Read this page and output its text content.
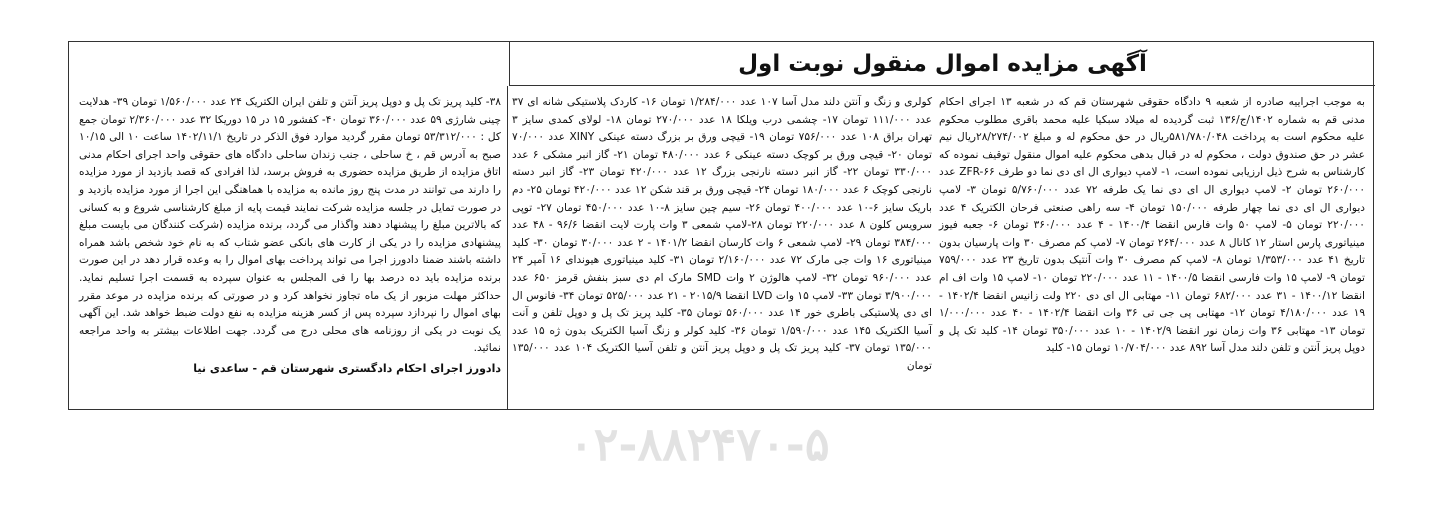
آگهی مزایده اموال منقول نوبت اول

به موجب اجراییه صادره از شعبه ۹ دادگاه حقوقی شهرستان قم که در شعبه ۱۳ اجرای احکام مدنی قم به شماره ۱۴۰۲/ج/۱۳۶ ثبت گردیده له میلاد سبکیا علیه محمد باقری مطلوب محکوم علیه محکوم است به پرداخت ۵۸۱/۷۸۰/۰۴۸ریال در حق محکوم له و مبلغ ۲۸/۲۷۴/۰۰۲ریال نیم عشر در حق صندوق دولت ، محکوم له در قبال بدهی محکوم علیه اموال منقول توقیف نموده که کارشناس به شرح ذیل ارزیابی نموده است، ۱- لامپ دیواری ال ای دی نما دو طرف ZFR-۶۶ عدد ۲۶۰/۰۰۰ تومان ۲- لامپ دیواری ال ای دی نما یک طرفه ۷۲ عدد ۵/۷۶۰/۰۰۰ تومان ۳- لامپ دیواری ال ای دی نما چهار طرفه ۱۵۰/۰۰۰ تومان ۴- سه راهی صنعتی فرحان الکتریک ۴ عدد ۲۲۰/۰۰۰ تومان ۵- لامپ ۵۰ وات فارس انقضا ۱۴۰۰/۴ - ۴ عدد ۳۶۰/۰۰۰ تومان ۶- جعبه فیوز مینیاتوری پارس استار ۱۲ کانال ۸ عدد ۲۶۴/۰۰۰ تومان ۷- لامپ کم مصرف ۳۰ وات پارسیان بدون تاریخ ۴۱ عدد ۱/۳۵۳/۰۰۰ تومان ۸- لامپ کم مصرف ۳۰ وات آنتیک بدون تاریخ ۲۳ عدد ۷۵۹/۰۰۰ تومان ۹- لامپ ۱۵ وات فارسی انقضا ۱۴۰۰/۵ - ۱۱ عدد ۲۲۰/۰۰۰ تومان ۱۰- لامپ ۱۵ وات اف ام انقضا ۱۴۰۰/۱۲ - ۳۱ عدد ۶۸۲/۰۰۰ تومان ۱۱- مهتابی ال ای دی ۲۲۰ ولت زانیس انقضا ۱۴۰۲/۴ - ۱۹ عدد ۴/۱۸۰/۰۰۰ تومان ۱۲- مهتابی پی جی تی ۳۶ وات انقضا ۱۴۰۲/۴ - ۴۰ عدد ۱/۰۰۰/۰۰۰ تومان ۱۳- مهتابی ۳۶ وات زمان نور انقضا ۱۴۰۲/۹ - ۱۰ عدد ۳۵۰/۰۰۰ تومان ۱۴- کلید تک پل و دوپل پریز آنتن و تلفن دلند مدل آسا ۸۹۲ عدد ۱۰/۷۰۴/۰۰۰ تومان ۱۵- کلید

کولری و زنگ و آنتن دلند مدل آسا ۱۰۷ عدد ۱/۲۸۴/۰۰۰ تومان ۱۶- کاردک پلاستیکی شانه ای ۳۷ عدد ۱۱۱/۰۰۰ تومان ۱۷- چشمی درب ویلکا ۱۸ عدد ۲۷۰/۰۰۰ تومان ۱۸- لولای کمدی سایز ۳ تهران براق ۱۰۸ عدد ۷۵۶/۰۰۰ تومان ۱۹- قیچی ورق بر بزرگ دسته عینکی XINY عدد ۷۰/۰۰۰ تومان ۲۰- قیچی ورق بر کوچک دسته عینکی ۶ عدد ۴۸۰/۰۰۰ تومان ۲۱- گاز انبر مشکی ۶ عدد ۳۳۰/۰۰۰ تومان ۲۲- گاز انبر دسته نارنجی بزرگ ۱۲ عدد ۴۲۰/۰۰۰ تومان ۲۳- گاز انبر دسته نارنجی کوچک ۶ عدد ۱۸۰/۰۰۰ تومان ۲۴- قیچی ورق بر قند شکن ۱۲ عدد ۴۲۰/۰۰۰ تومان ۲۵- دم باریک سایز ۶-۱۰ عدد ۴۰۰/۰۰۰ تومان ۲۶- سیم چین سایز ۸-۱۰ عدد ۴۵۰/۰۰۰ تومان ۲۷- توپی سرویس کلون ۸ عدد ۲۲۰/۰۰۰ تومان ۲۸-لامپ شمعی ۳ وات پارت لایت انقضا ۹۶/۶ - ۴۸ عدد ۳۸۴/۰۰۰ تومان ۲۹- لامپ شمعی ۶ وات کارسان انقضا ۱۴۰۱/۲ - ۲ عدد ۳۰/۰۰۰ تومان ۳۰- کلید مینیاتوری ۱۶ وات جی مارک ۷۲ عدد ۲/۱۶۰/۰۰۰ تومان ۳۱- کلید مینیاتوری هیوندای ۱۶ آمپر ۲۴ عدد ۹۶۰/۰۰۰ تومان ۳۲- لامپ هالوژن ۲ وات SMD مارک ام دی سبز بنفش قرمز ۶۵۰ عدد ۳/۹۰۰/۰۰۰ تومان ۳۳- لامپ ۱۵ وات LVD انقضا ۲۰۱۵/۹ - ۲۱ عدد ۵۲۵/۰۰۰ تومان ۳۴- فانوس ال ای دی پلاستیکی باطری خور ۱۴ عدد ۵۶۰/۰۰۰ تومان ۳۵- کلید پریز تک پل و دوپل تلفن و آنت آسیا الکتریک ۱۴۵ عدد ۱/۵۹۰/۰۰۰ تومان ۳۶- کلید کولر و زنگ آسیا الکتریک بدون ژه ۱۵ عدد ۱۳۵/۰۰۰ تومان ۳۷- کلید پریز تک پل و دوپل پریز آنتن و تلفن آسیا الکتریک ۱۰۴ عدد ۱۳۵/۰۰۰ تومان

۳۸- کلید پریز تک پل و دوپل پریز آنتن و تلفن ایران الکتریک ۲۴ عدد ۱/۵۶۰/۰۰۰ تومان ۳۹- هدلایت چینی شارژی ۵۹ عدد ۳۶۰/۰۰۰ تومان ۴۰- کفشور ۱۵ در ۱۵ دوریکا ۳۲ عدد ۲/۳۶۰/۰۰۰ تومان جمع کل : ۵۳/۳۱۲/۰۰۰ تومان مقرر گردید موارد فوق الذکر در تاریخ ۱۴۰۲/۱۱/۱ ساعت ۱۰ الی ۱۰/۱۵ صبح به آدرس قم ، خ ساحلی ، جنب زندان ساحلی دادگاه های حقوقی واحد اجرای احکام مدنی اتاق مزایده از طریق مزایده حضوری به فروش برسد، لذا افرادی که قصد بازدید از مورد مزایده را دارند می توانند در مدت پنج روز مانده به مزایده با هماهنگی این اجرا از مورد مزایده بازدید و در صورت تمایل در جلسه مزایده شرکت نمایند قیمت پایه از مبلغ کارشناسی شروع و به کسانی که بالاترین مبلغ را پیشنهاد دهند واگذار می گردد، برنده مزایده (شرکت کنندگان می بایست مبلغ پیشنهادی مزایده را در یکی از کارت های بانکی عضو شتاب که به نام خود شخص باشد همراه داشته باشند ضمنا دادورز اجرا می تواند پرداخت بهای اموال را به وعده قرار دهد در این صورت برنده مزایده باید ده درصد بها را فی المجلس به عنوان سپرده به قسمت اجرا تسلیم نماید. حداکثر مهلت مزبور از یک ماه تجاوز نخواهد کرد و در صورتی که برنده مزایده در موعد مقرر بهای اموال را نپردازد سپرده پس از کسر هزینه مزایده به نفع دولت ضبط خواهد شد. این آگهی یک نوبت در یکی از روزنامه های محلی درج می گردد. جهت اطلاعات بیشتر به واحد مراجعه نمائید.

دادورز اجرای احکام دادگستری شهرستان قم - ساعدی نیا

۰۲-۸۸۲۴۷۰-۵
